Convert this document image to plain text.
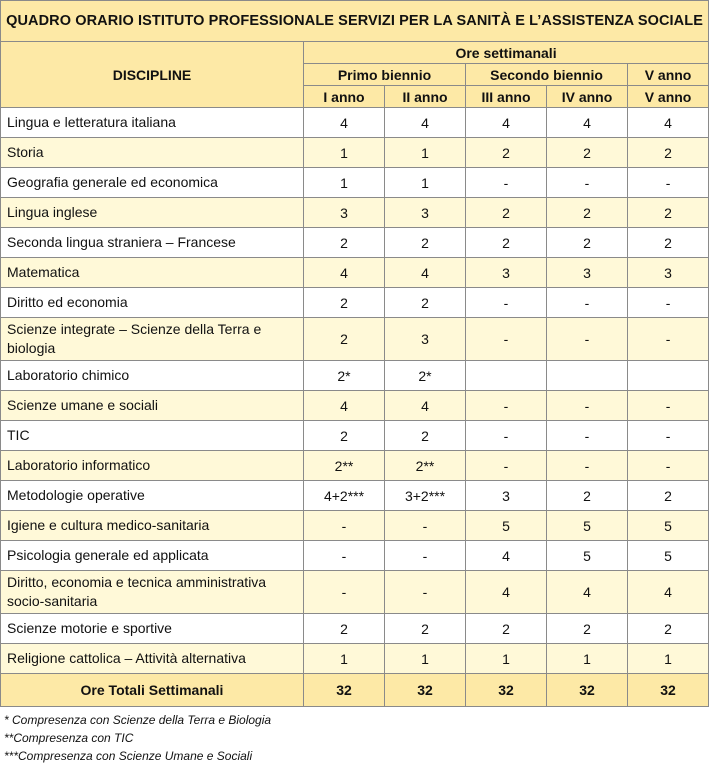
QUADRO ORARIO ISTITUTO PROFESSIONALE SERVIZI PER LA SANITÀ E L’ASSISTENZA SOCIALE					
DISCIPLINE	Ore settimanali				
	Primo biennio		Secondo biennio		V anno
	I anno	II anno	III anno	IV anno	V anno
Lingua e letteratura italiana	4	4	4	4	4
Storia	1	1	2	2	2
Geografia generale ed economica	1	1	-	-	-
Lingua inglese	3	3	2	2	2
Seconda lingua straniera – Francese	2	2	2	2	2
Matematica	4	4	3	3	3
Diritto ed economia	2	2	-	-	-
Scienze integrate – Scienze della Terra e biologia	2	3	-	-	-
Laboratorio chimico	2*	2*			
Scienze umane e sociali	4	4	-	-	-
TIC	2	2	-	-	-
Laboratorio informatico	2**	2**	-	-	-
Metodologie operative	4+2***	3+2***	3	2	2
Igiene e cultura medico-sanitaria	-	-	5	5	5
Psicologia generale ed applicata	-	-	4	5	5
Diritto, economia e tecnica amministrativa socio-sanitaria	-	-	4	4	4
Scienze motorie e sportive	2	2	2	2	2
Religione cattolica – Attività alternativa	1	1	1	1	1
Ore Totali Settimanali	32	32	32	32	32
* Compresenza con Scienze della Terra e Biologia
**Compresenza con TIC
***Compresenza con Scienze Umane e Sociali
